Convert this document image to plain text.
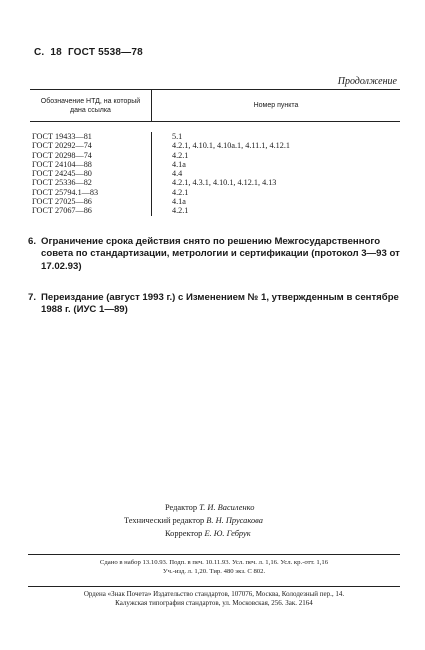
С. 18 ГОСТ 5538—78
Продолжение
Обозначение НТД, на который дана ссылка
Номер пункта
ГОСТ 19433—81
ГОСТ 20292—74
ГОСТ 20298—74
ГОСТ 24104—88
ГОСТ 24245—80
ГОСТ 25336—82
ГОСТ 25794.1—83
ГОСТ 27025—86
ГОСТ 27067—86
5.1
4.2.1, 4.10.1, 4.10а.1, 4.11.1, 4.12.1
4.2.1
4.1а
4.4
4.2.1, 4.3.1, 4.10.1, 4.12.1, 4.13
4.2.1
4.1а
4.2.1
6. Ограничение срока действия снято по решению Межгосударственного совета по стандартизации, метрологии и сертификации (протокол 3—93 от 17.02.93)
7. Переиздание (август 1993 г.) с Изменением № 1, утвержденным в сентябре 1988 г. (ИУС 1—89)
Редактор Т. И. Василенко
Технический редактор В. Н. Прусакова
Корректор Е. Ю. Гебрук
Сдано в набор 13.10.93. Подп. в печ. 10.11.93. Усл. печ. л. 1,16. Усл. кр.-отт. 1,16
Уч.-изд. л. 1,20. Тир. 480 экз. С 802.
Ордена «Знак Почета» Издательство стандартов, 107076, Москва, Колодезный пер., 14.
Калужская типография стандартов, ул. Московская, 256. Зак. 2164
